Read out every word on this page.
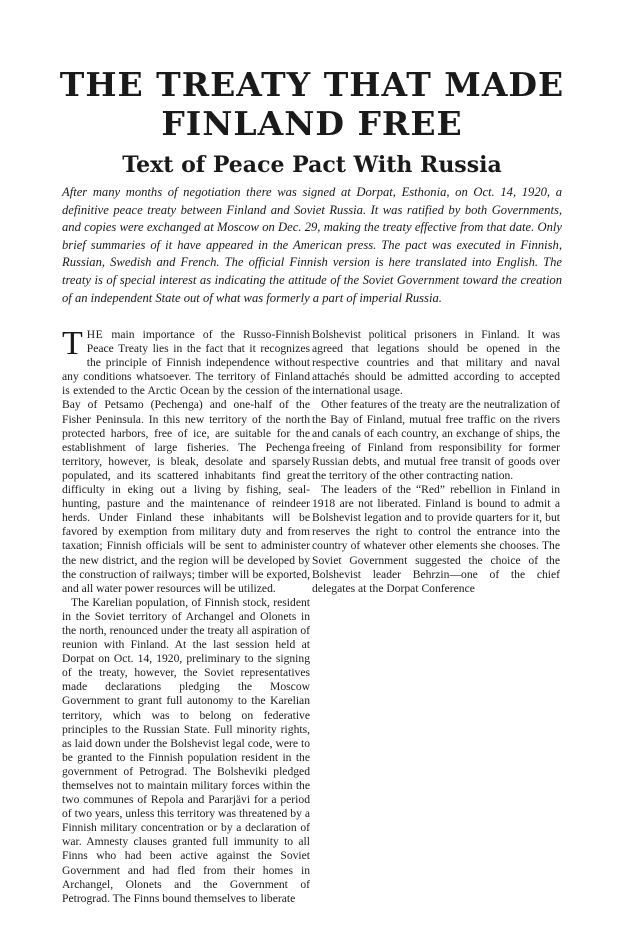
THE TREATY THAT MADE
FINLAND FREE
Text of Peace Pact With Russia

After many months of negotiation there was signed at Dorpat, Esthonia, on Oct. 14, 1920, a definitive peace treaty between Finland and Soviet Russia. It was ratified by both Governments, and copies were exchanged at Moscow on Dec. 29, making the treaty effective from that date. Only brief summaries of it have appeared in the American press. The pact was executed in Finnish, Russian, Swedish and French. The official Finnish version is here translated into English. The treaty is of special interest as indicating the attitude of the Soviet Government toward the creation of an independent State out of what was formerly a part of imperial Russia.

THE main importance of the Russo-Finnish Peace Treaty lies in the fact that it recognizes the principle of Finnish independence without any conditions whatsoever. The territory of Finland is extended to the Arctic Ocean by the cession of the Bay of Petsamo (Pechenga) and one-half of the Fisher Peninsula. In this new territory of the north protected harbors, free of ice, are suitable for the establishment of large fisheries. The Pechenga territory, however, is bleak, desolate and sparsely populated, and its scattered inhabitants find great difficulty in eking out a living by fishing, seal-hunting, pasture and the maintenance of reindeer herds. Under Finland these inhabitants will be favored by exemption from military duty and from taxation; Finnish officials will be sent to administer the new district, and the region will be developed by the construction of railways; timber will be exported, and all water power resources will be utilized.

The Karelian population, of Finnish stock, resident in the Soviet territory of Archangel and Olonets in the north, renounced under the treaty all aspiration of reunion with Finland. At the last session held at Dorpat on Oct. 14, 1920, preliminary to the signing of the treaty, however, the Soviet representatives made declarations pledging the Moscow Government to grant full autonomy to the Karelian territory, which was to belong on federative principles to the Russian State. Full minority rights, as laid down under the Bolshevist legal code, were to be granted to the Finnish population resident in the government of Petrograd. The Bolsheviki pledged themselves not to maintain military forces within the two communes of Repola and Pararjävi for a period of two years, unless this territory was threatened by a Finnish military concentration or by a declaration of war. Amnesty clauses granted full immunity to all Finns who had been active against the Soviet Government and had fled from their homes in Archangel, Olonets and the Government of Petrograd. The Finns bound themselves to liberate

Bolshevist political prisoners in Finland. It was agreed that legations should be opened in the respective countries and that military and naval attachés should be admitted according to accepted international usage.

Other features of the treaty are the neutralization of the Bay of Finland, mutual free traffic on the rivers and canals of each country, an exchange of ships, the freeing of Finland from responsibility for former Russian debts, and mutual free transit of goods over the territory of the other contracting nation.

The leaders of the “Red” rebellion in Finland in 1918 are not liberated. Finland is bound to admit a Bolshevist legation and to provide quarters for it, but reserves the right to control the entrance into the country of whatever other elements she chooses. The Soviet Government suggested the choice of the Bolshevist leader Behrzin—one of the chief delegates at the Dorpat Conference
